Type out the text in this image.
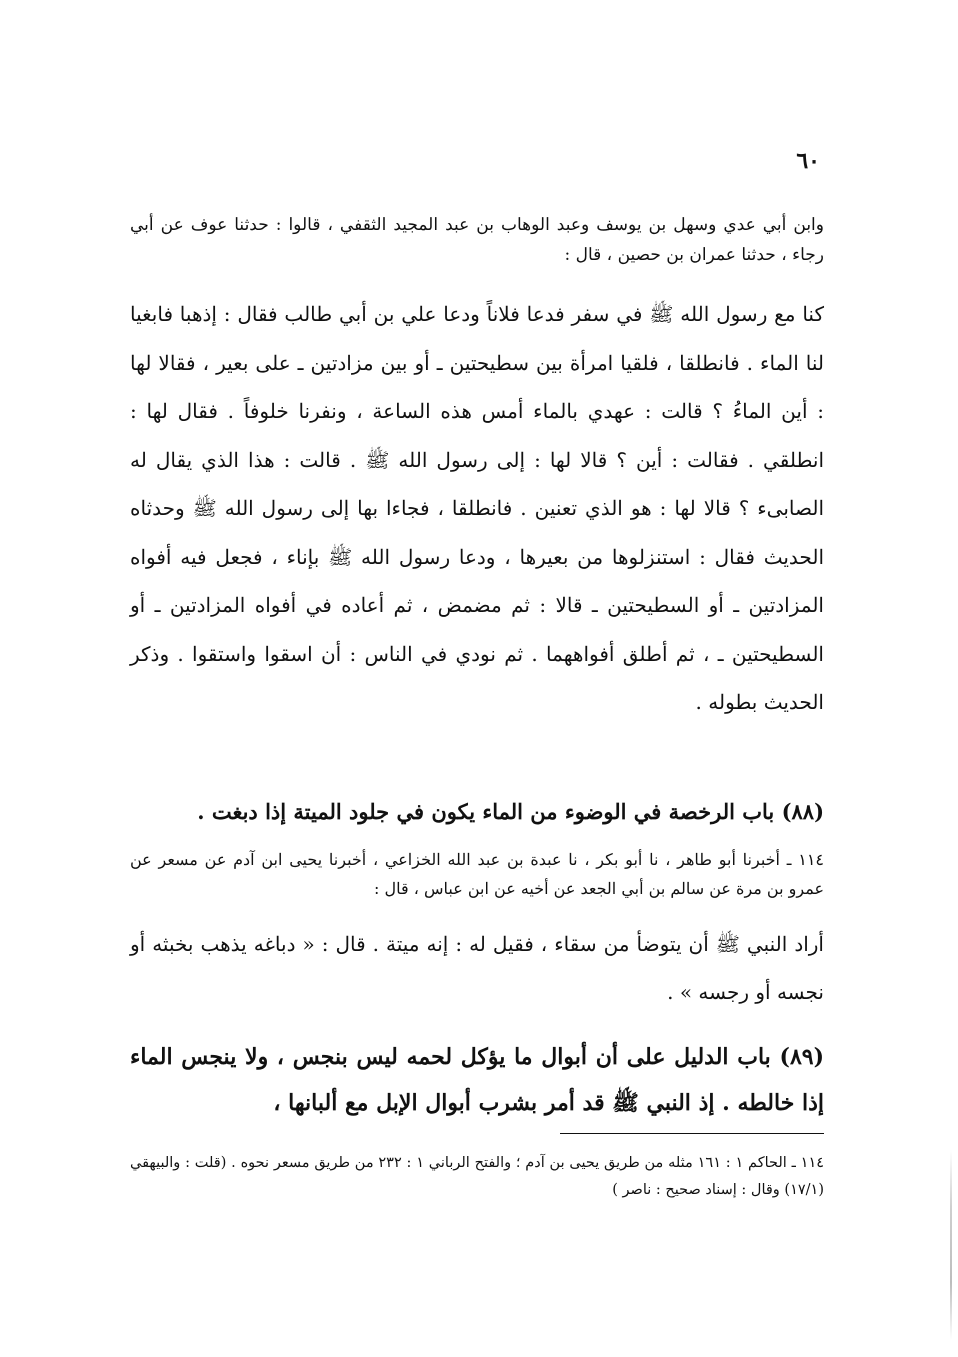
٦٠

وابن أبي عدي وسهل بن يوسف وعبد الوهاب بن عبد المجيد الثقفي ، قالوا : حدثنا عوف عن أبي رجاء ، حدثنا عمران بن حصين ، قال :

كنا مع رسول الله ﷺ في سفر فدعا فلاناً ودعا علي بن أبي طالب فقال : إذهبا فابغيا لنا الماء . فانطلقا ، فلقيا امرأة بين سطيحتين ـ أو بين مزادتين ـ على بعير ، فقالا لها : أين الماءُ ؟ قالت : عهدي بالماء أمس هذه الساعة ، ونفرنا خلوفاً . فقال لها : انطلقي . فقالت : أين ؟ قالا لها : إلى رسول الله ﷺ . قالت : هذا الذي يقال له الصابىء ؟ قالا لها : هو الذي تعنين . فانطلقا ، فجاءا بها إلى رسول الله ﷺ وحدثاه الحديث فقال : استنزلوها من بعيرها ، ودعا رسول الله ﷺ بإناء ، فجعل فيه أفواه المزادتين ـ أو السطيحتين ـ قالا : ثم مضمض ، ثم أعاده في أفواه المزادتين ـ أو السطيحتين ـ ، ثم أطلق أفواههما . ثم نودي في الناس : أن اسقوا واستقوا . وذكر الحديث بطوله .

(٨٨) باب الرخصة في الوضوء من الماء يكون في جلود الميتة إذا دبغت .

١١٤ ـ أخبرنا أبو طاهر ، نا أبو بكر ، نا عبدة بن عبد الله الخزاعي ، أخبرنا يحيى ابن آدم عن مسعر عن عمرو بن مرة عن سالم بن أبي الجعد عن أخيه عن ابن عباس ، قال :

أراد النبي ﷺ أن يتوضأ من سقاء ، فقيل له : إنه ميتة . قال : « دباغه يذهب بخبثه أو نجسه أو رجسه » .

(٨٩) باب الدليل على أن أبوال ما يؤكل لحمه ليس بنجس ، ولا ينجس الماء إذا خالطه . إذ النبي ﷺ قد أمر بشرب أبوال الإبل مع ألبانها ،

١١٤ ـ الحاكم ١ : ١٦١ مثله من طريق يحيى بن آدم ؛ والفتح الرباني ١ : ٢٣٢ من طريق مسعر نحوه . (قلت : والبيهقي (١٧/١) وقال : إسناد صحيح : ناصر )
